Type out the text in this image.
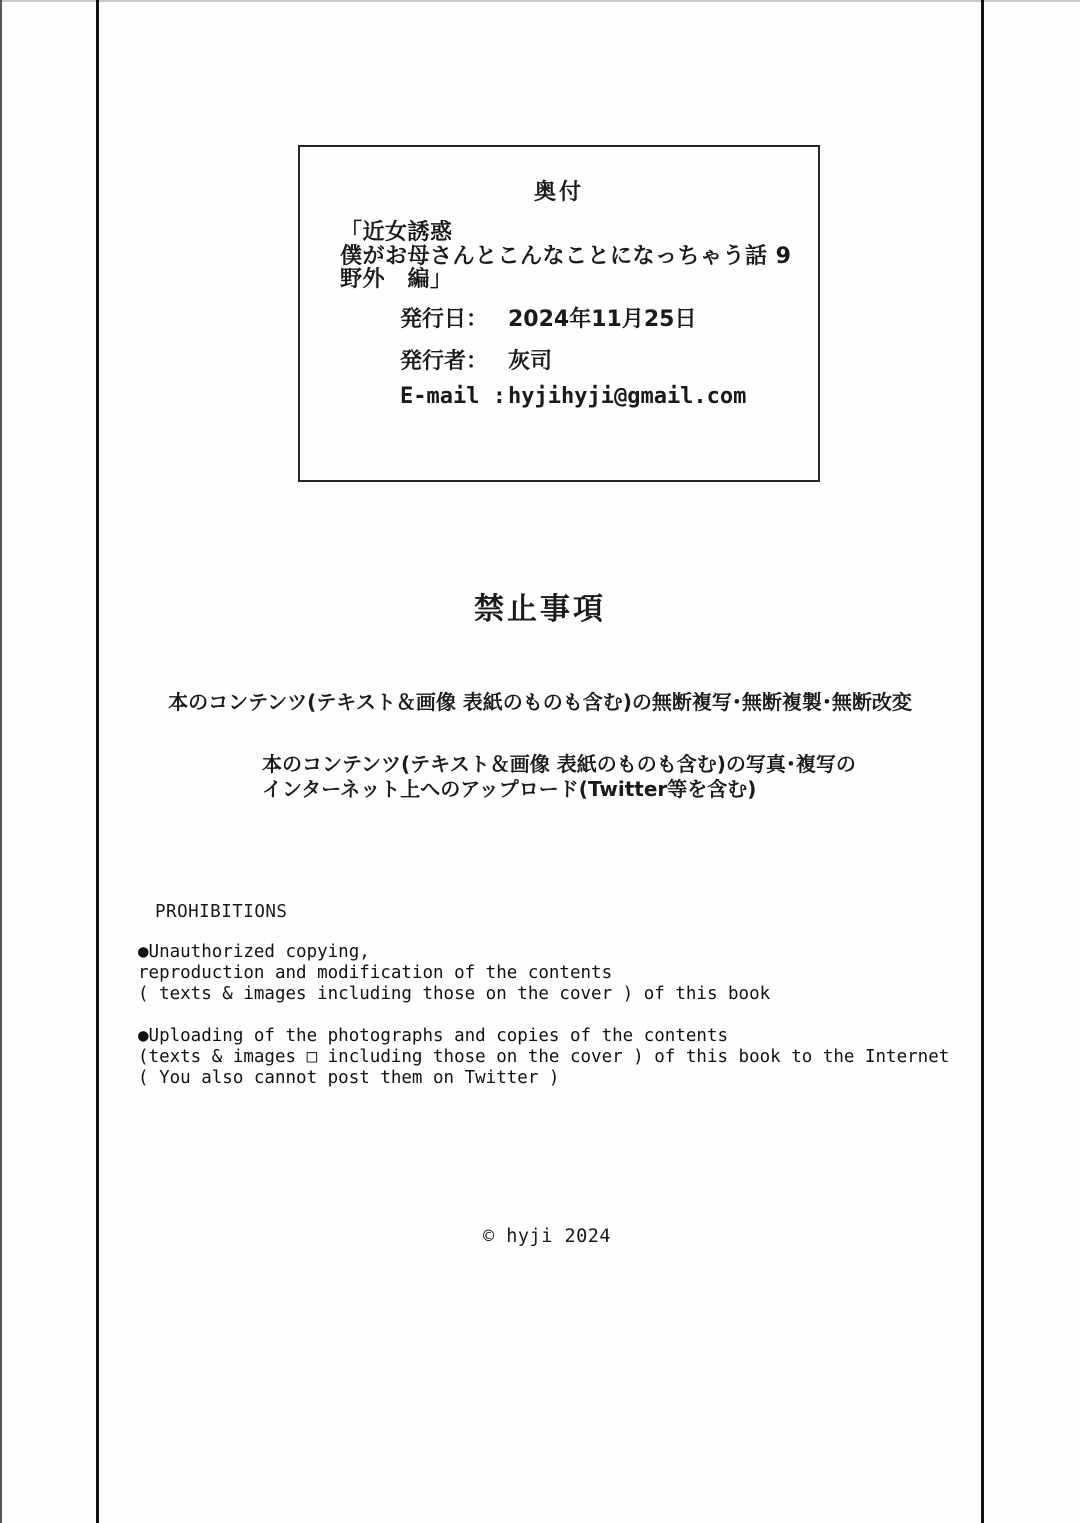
奥付
「近女誘惑
僕がお母さんとこんなことになっちゃう話 9
野外　編」
発行日： 2024年11月25日
発行者： 灰司
E-mail : hyjihyji@gmail.com
禁止事項
本のコンテンツ(テキスト＆画像 表紙のものも含む)の無断複写･無断複製･無断改変
本のコンテンツ(テキスト＆画像 表紙のものも含む)の写真･複写の
インターネット上へのアップロード(Twitter等を含む)
PROHIBITIONS
●Unauthorized copying,
reproduction and modification of the contents
( texts & images including those on the cover ) of this book
●Uploading of the photographs and copies of the contents
(texts & images □ including those on the cover ) of this book to the Internet
( You also cannot post them on Twitter )
© hyji 2024
